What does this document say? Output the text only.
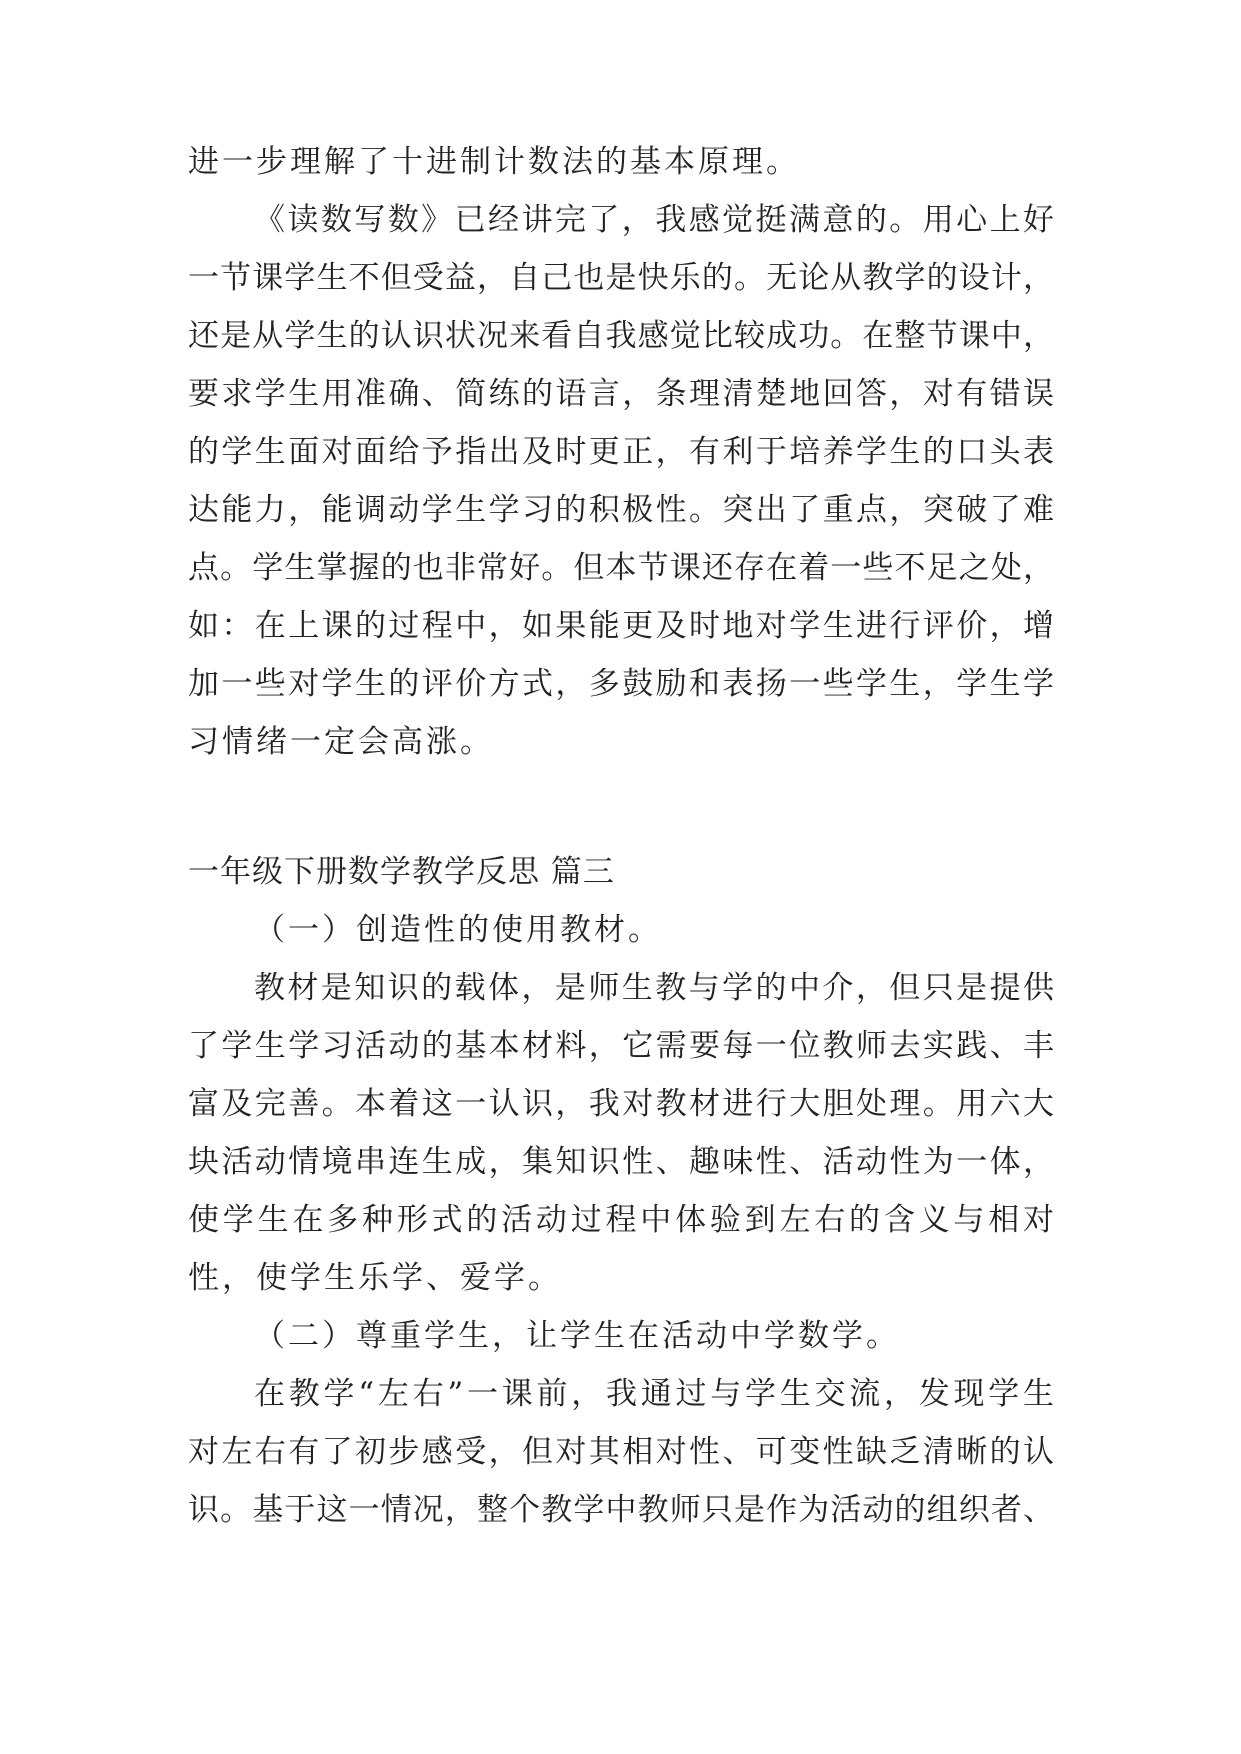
进一步理解了十进制计数法的基本原理。
《读数写数》已经讲完了，我感觉挺满意的。用心上好
一节课学生不但受益，自己也是快乐的。无论从教学的设计，
还是从学生的认识状况来看自我感觉比较成功。在整节课中，
要求学生用准确、简练的语言，条理清楚地回答，对有错误
的学生面对面给予指出及时更正，有利于培养学生的口头表
达能力，能调动学生学习的积极性。突出了重点，突破了难
点。学生掌握的也非常好。但本节课还存在着一些不足之处，
如：在上课的过程中，如果能更及时地对学生进行评价，增
加一些对学生的评价方式，多鼓励和表扬一些学生，学生学
习情绪一定会高涨。
一年级下册数学教学反思 篇三
（一）创造性的使用教材。
教材是知识的载体，是师生教与学的中介，但只是提供
了学生学习活动的基本材料，它需要每一位教师去实践、丰
富及完善。本着这一认识，我对教材进行大胆处理。用六大
块活动情境串连生成，集知识性、趣味性、活动性为一体，
使学生在多种形式的活动过程中体验到左右的含义与相对
性，使学生乐学、爱学。
（二）尊重学生，让学生在活动中学数学。
在教学“左右”一课前，我通过与学生交流，发现学生
对左右有了初步感受，但对其相对性、可变性缺乏清晰的认
识。基于这一情况，整个教学中教师只是作为活动的组织者、
